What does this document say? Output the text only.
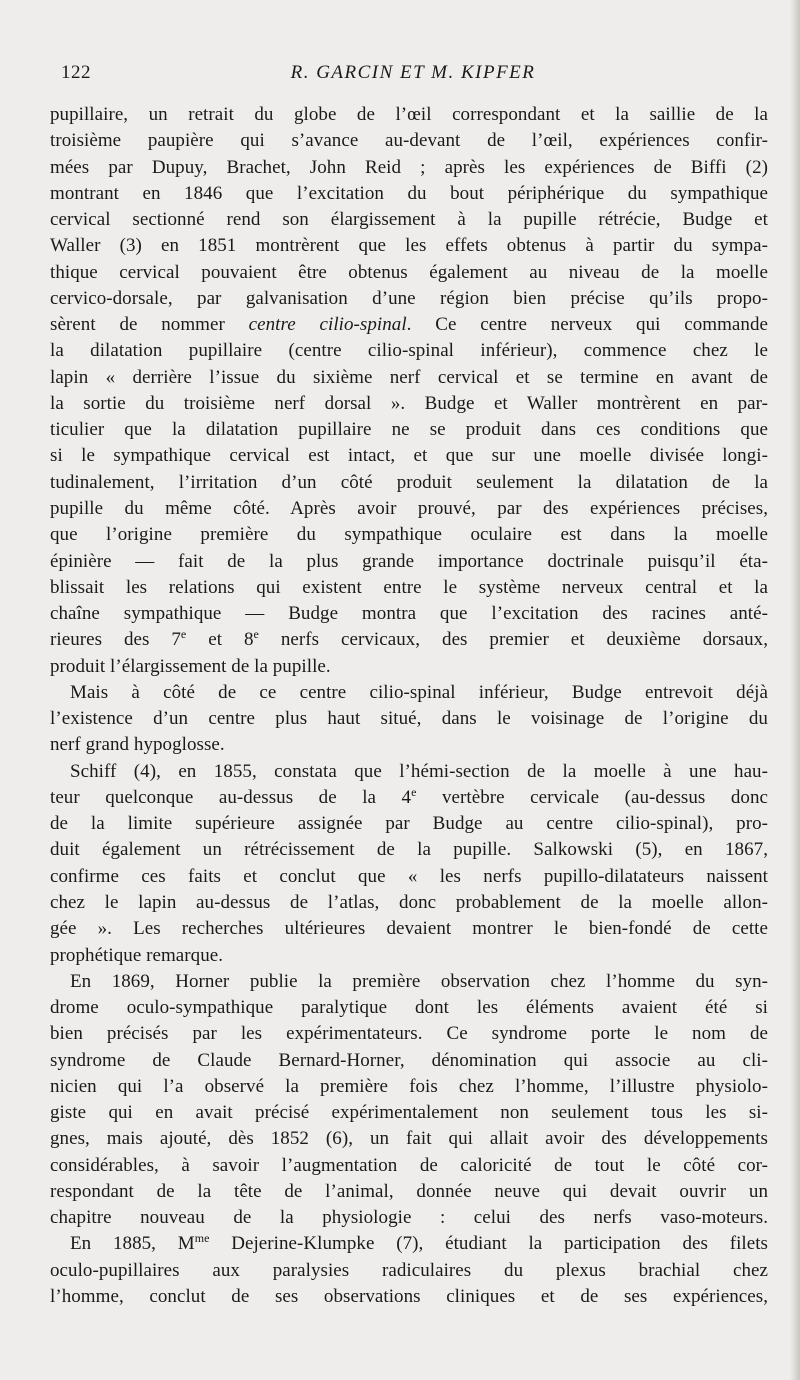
122	R. GARCIN ET M. KIPFER
pupillaire, un retrait du globe de l’œil correspondant et la saillie de la
troisième paupière qui s’avance au-devant de l’œil, expériences confir-
mées par Dupuy, Brachet, John Reid ; après les expériences de Biffi (2)
montrant en 1846 que l’excitation du bout périphérique du sympathique
cervical sectionné rend son élargissement à la pupille rétrécie, Budge et
Waller (3) en 1851 montrèrent que les effets obtenus à partir du sympa-
thique cervical pouvaient être obtenus également au niveau de la moelle
cervico-dorsale, par galvanisation d’une région bien précise qu’ils propo-
sèrent de nommer centre cilio-spinal. Ce centre nerveux qui commande
la dilatation pupillaire (centre cilio-spinal inférieur), commence chez le
lapin « derrière l’issue du sixième nerf cervical et se termine en avant de
la sortie du troisième nerf dorsal ». Budge et Waller montrèrent en par-
ticulier que la dilatation pupillaire ne se produit dans ces conditions que
si le sympathique cervical est intact, et que sur une moelle divisée longi-
tudinalement, l’irritation d’un côté produit seulement la dilatation de la
pupille du même côté. Après avoir prouvé, par des expériences précises,
que l’origine première du sympathique oculaire est dans la moelle
épinière — fait de la plus grande importance doctrinale puisqu’il éta-
blissait les relations qui existent entre le système nerveux central et la
chaîne sympathique — Budge montra que l’excitation des racines anté-
rieures des 7e et 8e nerfs cervicaux, des premier et deuxième dorsaux,
produit l’élargissement de la pupille.
Mais à côté de ce centre cilio-spinal inférieur, Budge entrevoit déjà
l’existence d’un centre plus haut situé, dans le voisinage de l’origine du
nerf grand hypoglosse.
Schiff (4), en 1855, constata que l’hémi-section de la moelle à une hau-
teur quelconque au-dessus de la 4e vertèbre cervicale (au-dessus donc
de la limite supérieure assignée par Budge au centre cilio-spinal), pro-
duit également un rétrécissement de la pupille. Salkowski (5), en 1867,
confirme ces faits et conclut que « les nerfs pupillo-dilatateurs naissent
chez le lapin au-dessus de l’atlas, donc probablement de la moelle allon-
gée ». Les recherches ultérieures devaient montrer le bien-fondé de cette
prophétique remarque.
En 1869, Horner publie la première observation chez l’homme du syn-
drome oculo-sympathique paralytique dont les éléments avaient été si
bien précisés par les expérimentateurs. Ce syndrome porte le nom de
syndrome de Claude Bernard-Horner, dénomination qui associe au cli-
nicien qui l’a observé la première fois chez l’homme, l’illustre physiolo-
giste qui en avait précisé expérimentalement non seulement tous les si-
gnes, mais ajouté, dès 1852 (6), un fait qui allait avoir des développements
considérables, à savoir l’augmentation de caloricité de tout le côté cor-
respondant de la tête de l’animal, donnée neuve qui devait ouvrir un
chapitre nouveau de la physiologie : celui des nerfs vaso-moteurs.
En 1885, $M^{me}$ Dejerine-Klumpke (7), étudiant la participation des filets
oculo-pupillaires aux paralysies radiculaires du plexus brachial chez
l’homme, conclut de ses observations cliniques et de ses expériences,
